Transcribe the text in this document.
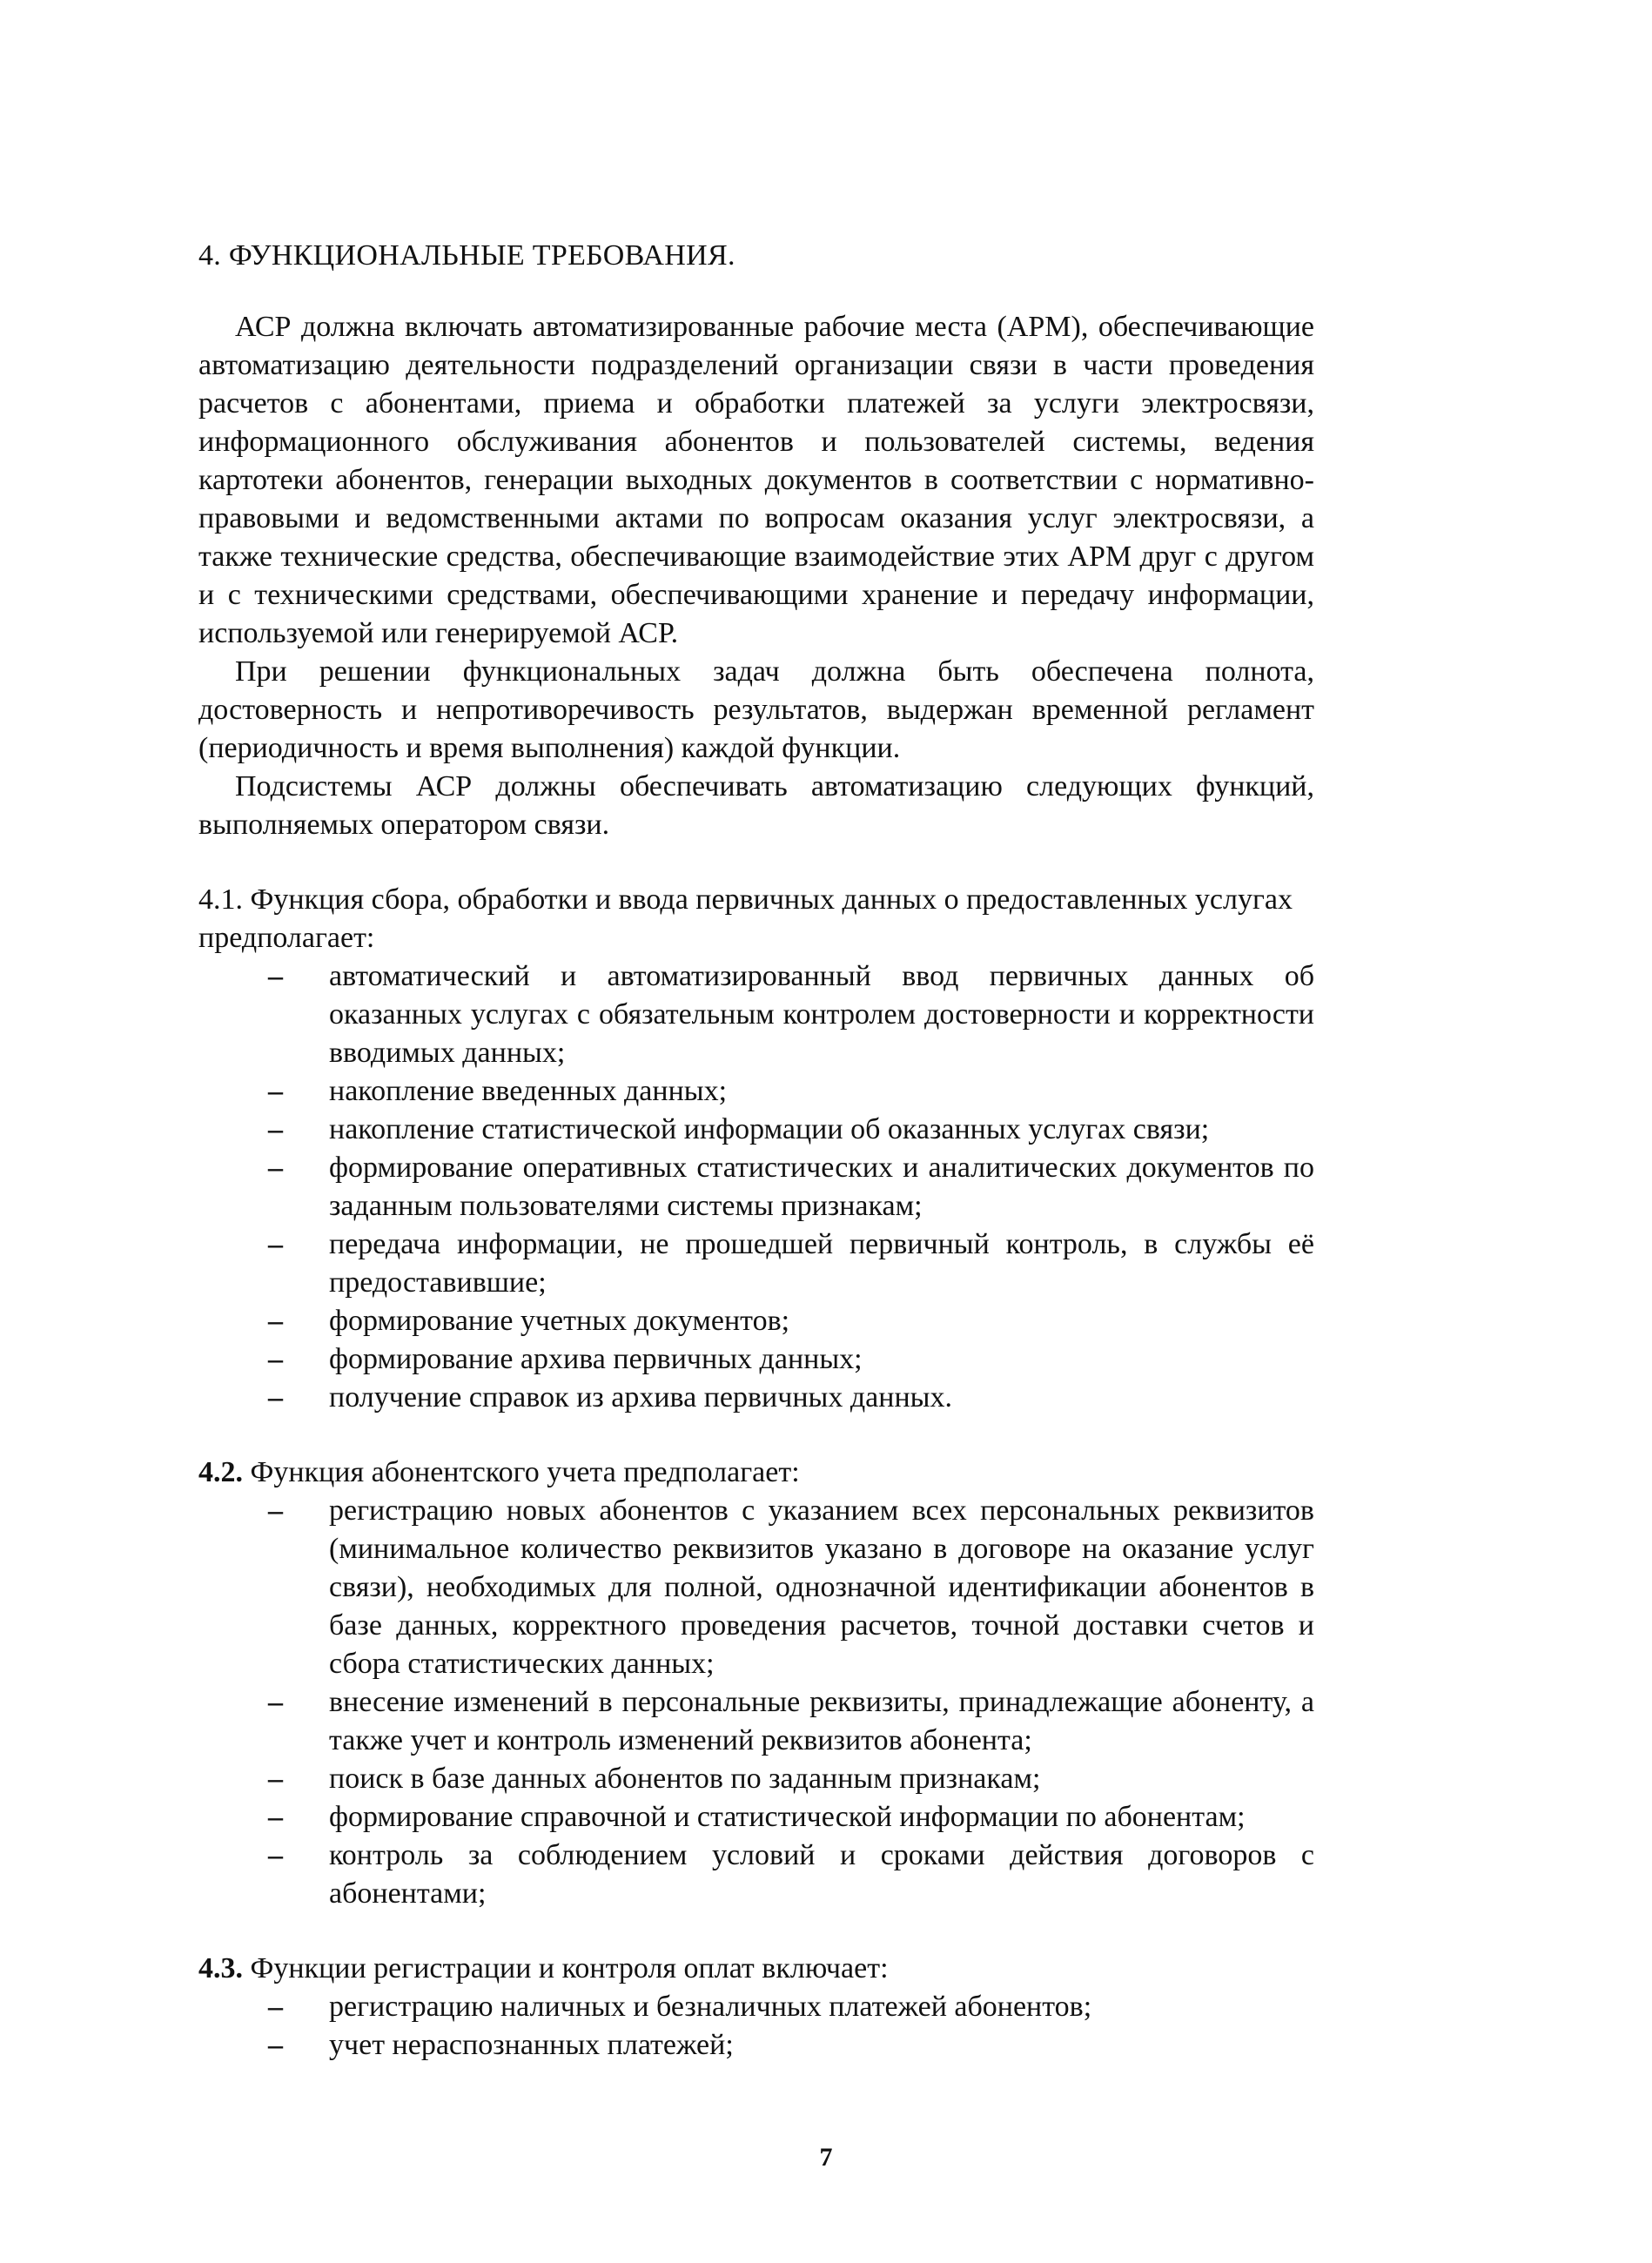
4. ФУНКЦИОНАЛЬНЫЕ ТРЕБОВАНИЯ.

АСР должна включать автоматизированные рабочие места (АРМ), обеспечивающие автоматизацию деятельности подразделений организации связи в части проведения расчетов с абонентами, приема и обработки платежей за услуги электросвязи, информационного обслуживания абонентов и пользователей системы, ведения картотеки абонентов, генерации выходных документов в соответствии с нормативно-правовыми и ведомственными актами по вопросам оказания услуг электросвязи, а также технические средства, обеспечивающие взаимодействие этих АРМ друг с другом и с техническими средствами, обеспечивающими хранение и передачу информации, используемой или генерируемой АСР.

При решении функциональных задач должна быть обеспечена полнота, достоверность и непротиворечивость результатов, выдержан временной регламент (периодичность и время выполнения) каждой функции.

Подсистемы АСР должны обеспечивать автоматизацию следующих функций, выполняемых оператором связи.

4.1. Функция сбора, обработки и ввода первичных данных о предоставленных услугах предполагает:
– автоматический и автоматизированный ввод первичных данных об оказанных услугах с обязательным контролем достоверности и корректности вводимых данных;
– накопление введенных данных;
– накопление статистической информации об оказанных услугах связи;
– формирование оперативных статистических и аналитических документов по заданным пользователями системы признакам;
– передача информации, не прошедшей первичный контроль, в службы её предоставившие;
– формирование учетных документов;
– формирование архива первичных данных;
– получение справок из архива первичных данных.
4.2. Функция абонентского учета предполагает:
– регистрацию новых абонентов с указанием всех персональных реквизитов (минимальное количество реквизитов указано в договоре на оказание услуг связи), необходимых для полной, однозначной идентификации абонентов в базе данных, корректного проведения расчетов, точной доставки счетов и сбора статистических данных;
– внесение изменений в персональные реквизиты, принадлежащие абоненту, а также учет и контроль изменений реквизитов абонента;
– поиск в базе данных абонентов по заданным признакам;
– формирование справочной и статистической информации по абонентам;
– контроль за соблюдением условий и сроками действия договоров с абонентами;
4.3. Функции регистрации и контроля оплат включает:
– регистрацию наличных и безналичных платежей абонентов;
– учет нераспознанных платежей;
7
